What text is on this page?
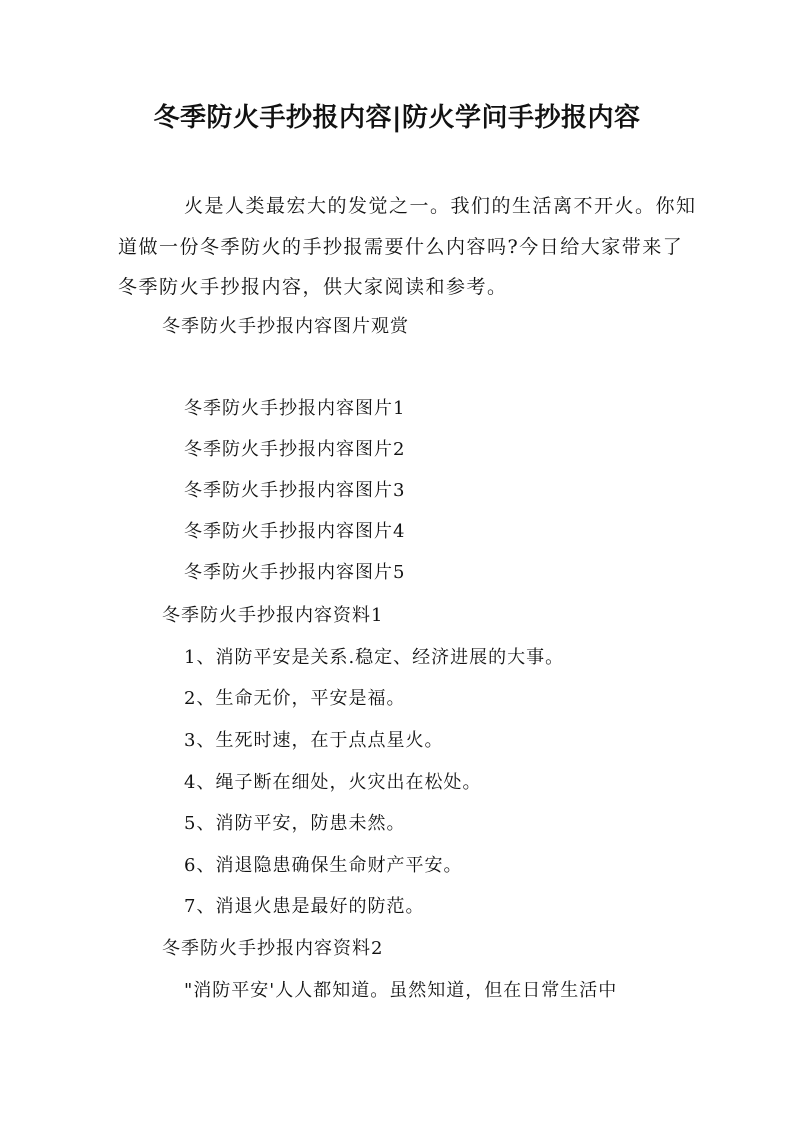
冬季防火手抄报内容|防火学问手抄报内容
火是人类最宏大的发觉之一。我们的生活离不开火。你知道做一份冬季防火的手抄报需要什么内容吗?今日给大家带来了冬季防火手抄报内容，供大家阅读和参考。
冬季防火手抄报内容图片观赏
冬季防火手抄报内容图片1
冬季防火手抄报内容图片2
冬季防火手抄报内容图片3
冬季防火手抄报内容图片4
冬季防火手抄报内容图片5
冬季防火手抄报内容资料1
1、消防平安是关系.稳定、经济进展的大事。
2、生命无价，平安是福。
3、生死时速，在于点点星火。
4、绳子断在细处，火灾出在松处。
5、消防平安，防患未然。
6、消退隐患确保生命财产平安。
7、消退火患是最好的防范。
冬季防火手抄报内容资料2
"消防平安'人人都知道。虽然知道，但在日常生活中
